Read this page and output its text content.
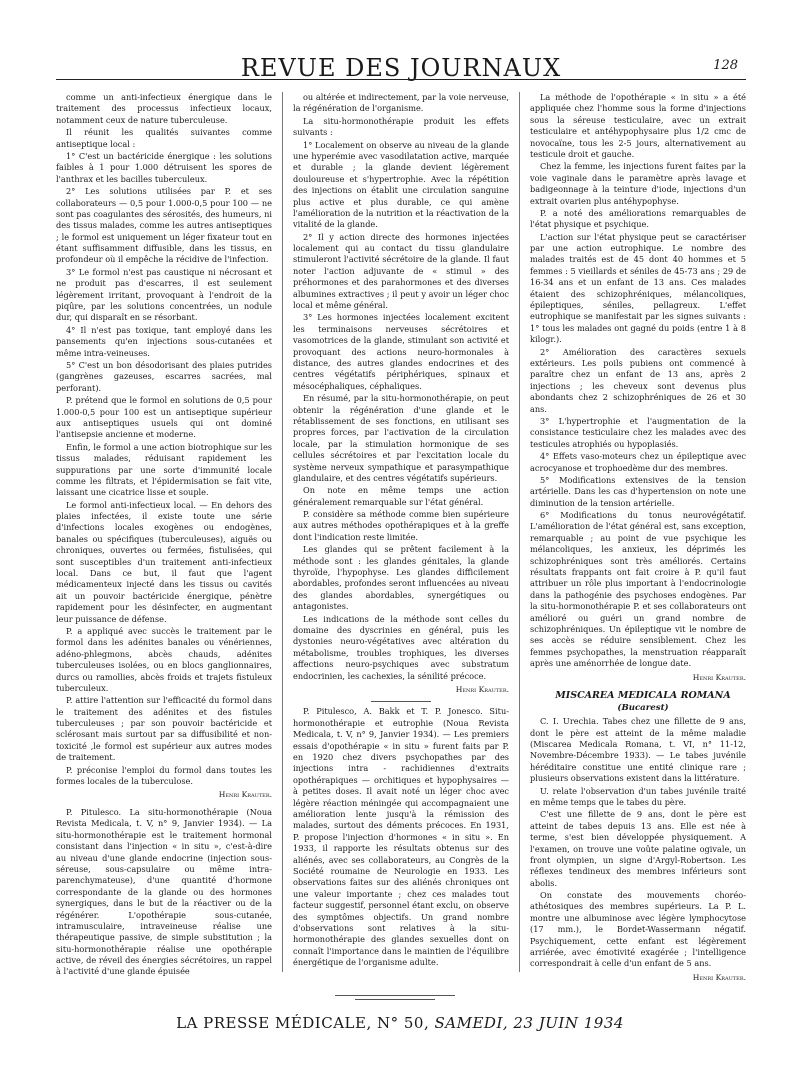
REVUE DES JOURNAUX	128

comme un anti-infectieux énergique dans le traitement des processus infectieux locaux, notamment ceux de nature tuberculeuse.

Il réunit les qualités suivantes comme antiseptique local :

1° C'est un bactéricide énergique : les solutions faibles à 1 pour 1.000 détruisent les spores de l'anthrax et les bacilles tuberculeux.

2° Les solutions utilisées par P. et ses collaborateurs — 0,5 pour 1.000-0,5 pour 100 — ne sont pas coagulantes des sérosités, des humeurs, ni des tissus malades, comme les autres antiseptiques ; le formol est uniquement un léger fixateur tout en étant suffisamment diffusible, dans les tissus, en profondeur où il empêche la récidive de l'infection.

3° Le formol n'est pas caustique ni nécrosant et ne produit pas d'escarres, il est seulement légèrement irritant, provoquant à l'endroit de la piqûre, par les solutions concentrées, un nodule dur, qui disparaît en se résorbant.

4° Il n'est pas toxique, tant employé dans les pansements qu'en injections sous-cutanées et même intra-veineuses.

5° C'est un bon désodorisant des plaies putrides (gangrènes gazeuses, escarres sacrées, mal perforant).

P. prétend que le formol en solutions de 0,5 pour 1.000-0,5 pour 100 est un antiseptique supérieur aux antiseptiques usuels qui ont dominé l'antisepsie ancienne et moderne.

Enfin, le formol a une action biotrophique sur les tissus malades, réduisant rapidement les suppurations par une sorte d'immunité locale comme les filtrats, et l'épidermisation se fait vite, laissant une cicatrice lisse et souple.

Le formol anti-infectieux local. — En dehors des plaies infectées, il existe toute une série d'infections locales exogènes ou endogènes, banales ou spécifiques (tuberculeuses), aiguës ou chroniques, ouvertes ou fermées, fistulisées, qui sont susceptibles d'un traitement anti-infectieux local. Dans ce but, il faut que l'agent médicamenteux injecté dans les tissus ou cavités ait un pouvoir bactéricide énergique, pénètre rapidement pour les désinfecter, en augmentant leur puissance de défense.

P. a appliqué avec succès le traitement par le formol dans les adénites banales ou vénériennes, adéno-phlegmons, abcès chauds, adénites tuberculeuses isolées, ou en blocs ganglionnaires, durcs ou ramollies, abcès froids et trajets fistuleux tuberculeux.

P. attire l'attention sur l'efficacité du formol dans le traitement des adénites et des fistules tuberculeuses ; par son pouvoir bactéricide et sclérosant mais surtout par sa diffusibilité et non-toxicité ,le formol est supérieur aux autres modes de traitement.

P. préconise l'emploi du formol dans toutes les formes locales de la tuberculose.

Henri Krauter.

P. Pitulesco. La situ-hormonothérapie (Noua Revista Medicala, t. V, n° 9, Janvier 1934). — La situ-hormonothérapie est le traitement hormonal consistant dans l'injection « in situ », c'est-à-dire au niveau d'une glande endocrine (injection sous-séreuse, sous-capsulaire ou même intra-parenchymateuse), d'une quantité d'hormone correspondante de la glande ou des hormones synergiques, dans le but de la réactiver ou de la régénérer. L'opothérapie sous-cutanée, intramusculaire, intraveineuse réalise une thérapeutique passive, de simple substitution ; la situ-hormonothérapie réalise une opothérapie active, de réveil des énergies sécrétoires, un rappel à l'activité d'une glande épuisée

ou altérée et indirectement, par la voie nerveuse, la régénération de l'organisme.

La situ-hormonothérapie produit les effets suivants :

1° Localement on observe au niveau de la glande une hyperémie avec vasodilatation active, marquée et durable ; la glande devient légèrement douloureuse et s'hypertrophie. Avec la répétition des injections on établit une circulation sanguine plus active et plus durable, ce qui amène l'amélioration de la nutrition et la réactivation de la vitalité de la glande.

2° Il y action directe des hormones injectées localement qui au contact du tissu glandulaire stimuleront l'activité sécrétoire de la glande. Il faut noter l'action adjuvante de « stimul » des préhormones et des parahormones et des diverses albumines extractives ; il peut y avoir un léger choc local et même général.

3° Les hormones injectées localement excitent les terminaisons nerveuses sécrétoires et vasomotrices de la glande, stimulant son activité et provoquant des actions neuro-hormonales à distance, des autres glandes endocrines et des centres végétatifs périphériques, spinaux et mésocéphaliques, céphaliques.

En résumé, par la situ-hormonothérapie, on peut obtenir la régénération d'une glande et le rétablissement de ses fonctions, en utilisant ses propres forces, par l'activation de la circulation locale, par la stimulation hormonique de ses cellules sécrétoires et par l'excitation locale du système nerveux sympathique et parasympathique glandulaire, et des centres végétatifs supérieurs.

On note en même temps une action généralement remarquable sur l'état général.

P. considère sa méthode comme bien supérieure aux autres méthodes opothérapiques et à la greffe dont l'indication reste limitée.

Les glandes qui se prêtent facilement à la méthode sont : les glandes génitales, la glande thyroïde, l'hypophyse. Les glandes difficilement abordables, profondes seront influencées au niveau des glandes abordables, synergétiques ou antagonistes.

Les indications de la méthode sont celles du domaine des dyscrinies en général, puis les dystonies neuro-végétatives avec altération du métabolisme, troubles trophiques, les diverses affections neuro-psychiques avec substratum endocrinien, les cachexies, la sénilité précoce.

Henri Krauter.

P. Pitulesco, A. Bakk et T. P. Jonesco. Situ-hormonothérapie et eutrophie (Noua Revista Medicala, t. V, n° 9, Janvier 1934). — Les premiers essais d'opothérapie « in situ » furent faits par P. en 1920 chez divers psychopathes par des injections intra - rachidiennes d'extraits opothérapiques — orchitiques et hypophysaires — à petites doses. Il avait noté un léger choc avec légère réaction méningée qui accompagnaient une amélioration lente jusqu'à la rémission des malades, surtout des déments précoces. En 1931, P. propose l'injection d'hormones « in situ ». En 1933, il rapporte les résultats obtenus sur des aliénés, avec ses collaborateurs, au Congrès de la Société roumaine de Neurologie en 1933. Les observations faites sur des aliénés chroniques ont une valeur importante ; chez ces malades tout facteur suggestif, personnel étant exclu, on observe des symptômes objectifs. Un grand nombre d'observations sont relatives à la situ-hormonothérapie des glandes sexuelles dont on connaît l'importance dans le maintien de l'équilibre énergétique de l'organisme adulte.

La méthode de l'opothérapie « in situ » a été appliquée chez l'homme sous la forme d'injections sous la séreuse testiculaire, avec un extrait testiculaire et antéhypophysaire plus 1/2 cmc de novocaïne, tous les 2-5 jours, alternativement au testicule droit et gauche.

Chez la femme, les injections furent faites par la voie vaginale dans le paramètre après lavage et badigeonnage à la teinture d'iode, injections d'un extrait ovarien plus antéhypophyse.

P. a noté des améliorations remarquables de l'état physique et psychique.

L'action sur l'état physique peut se caractériser par une action eutrophique. Le nombre des malades traités est de 45 dont 40 hommes et 5 femmes : 5 vieillards et séniles de 45-73 ans ; 29 de 16-34 ans et un enfant de 13 ans. Ces malades étaient des schizophréniques, mélancoliques, épileptiques, séniles, pellagreux. L'effet eutrophique se manifestait par les signes suivants : 1° tous les malades ont gagné du poids (entre 1 à 8 kilogr.).

2° Amélioration des caractères sexuels extérieurs. Les poils pubiens ont commencé à paraître chez un enfant de 13 ans, après 2 injections ; les cheveux sont devenus plus abondants chez 2 schizophréniques de 26 et 30 ans.

3° L'hypertrophie et l'augmentation de la consistance testiculaire chez les malades avec des testicules atrophiés ou hypoplasiés.

4° Effets vaso-moteurs chez un épileptique avec acrocyanose et trophoedème dur des membres.

5° Modifications extensives de la tension artérielle. Dans les cas d'hypertension on note une diminution de la tension artérielle.

6° Modifications du tonus neurovégétatif. L'amélioration de l'état général est, sans exception, remarquable ; au point de vue psychique les mélancoliques, les anxieux, les déprimés les schizophréniques sont très améliorés. Certains résultats frappants ont fait croire à P. qu'il faut attribuer un rôle plus important à l'endocrinologie dans la pathogénie des psychoses endogènes. Par la situ-hormonothérapie P. et ses collaborateurs ont amélioré ou guéri un grand nombre de schizophréniques. Un épileptique vit le nombre de ses accès se réduire sensiblement. Chez les femmes psychopathes, la menstruation réapparaît après une aménorrhée de longue date.

Henri Krauter.

MISCAREA MEDICALA ROMANA

(Bucarest)

C. I. Urechia. Tabes chez une fillette de 9 ans, dont le père est atteint de la même maladie (Miscarea Medicala Romana, t. VI, n° 11-12, Novembre-Décembre 1933). — Le tabes juvénile héréditaire constitue une entité clinique rare ; plusieurs observations existent dans la littérature.

U. relate l'observation d'un tabes juvénile traité en même temps que le tabes du père.

C'est une fillette de 9 ans, dont le père est atteint de tabes depuis 13 ans. Elle est née à terme, s'est bien développée physiquement. A l'examen, on trouve une voûte palatine ogivale, un front olympien, un signe d'Argyl-Robertson. Les réflexes tendineux des membres inférieurs sont abolis.

On constate des mouvements choréo-athétosiques des membres supérieurs. La P. L. montre une albuminose avec légère lymphocytose (17 mm.), le Bordet-Wassermann négatif. Psychiquement, cette enfant est légèrement arriérée, avec émotivité exagérée ; l'intelligence correspondrait à celle d'un enfant de 5 ans.

Henri Krauter.

LA PRESSE MÉDICALE, N° 50, SAMEDI, 23 JUIN 1934
